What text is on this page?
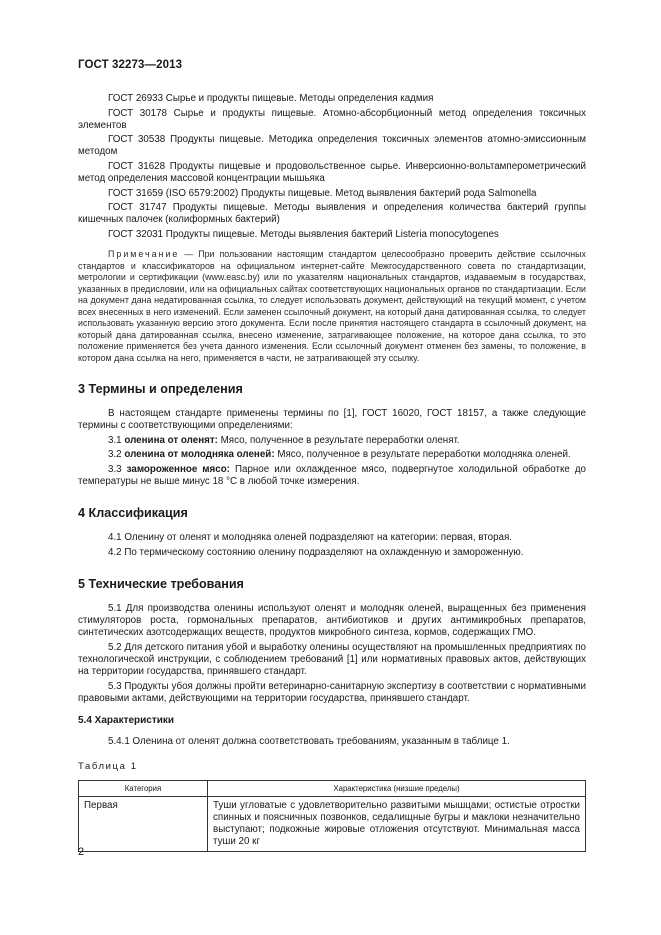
ГОСТ 32273—2013

ГОСТ 26933 Сырье и продукты пищевые. Методы определения кадмия

ГОСТ 30178 Сырье и продукты пищевые. Атомно-абсорбционный метод определения токсичных элементов

ГОСТ 30538 Продукты пищевые. Методика определения токсичных элементов атомно-эмиссионным методом

ГОСТ 31628 Продукты пищевые и продовольственное сырье. Инверсионно-вольтамперометрический метод определения массовой концентрации мышьяка

ГОСТ 31659 (ISO 6579:2002) Продукты пищевые. Метод выявления бактерий рода Salmonella

ГОСТ 31747 Продукты пищевые. Методы выявления и определения количества бактерий группы кишечных палочек (колиформных бактерий)

ГОСТ 32031 Продукты пищевые. Методы выявления бактерий Listeria monocytogenes

Примечание — При пользовании настоящим стандартом целесообразно проверить действие ссылочных стандартов и классификаторов на официальном интернет-сайте Межгосударственного совета по стандартизации, метрологии и сертификации (www.easc.by) или по указателям национальных стандартов, издаваемым в государствах, указанных в предисловии, или на официальных сайтах соответствующих национальных органов по стандартизации. Если на документ дана недатированная ссылка, то следует использовать документ, действующий на текущий момент, с учетом всех внесенных в него изменений. Если заменен ссылочный документ, на который дана датированная ссылка, то следует использовать указанную версию этого документа. Если после принятия настоящего стандарта в ссылочный документ, на который дана датированная ссылка, внесено изменение, затрагивающее положение, на которое дана ссылка, то это положение применяется без учета данного изменения. Если ссылочный документ отменен без замены, то положение, в котором дана ссылка на него, применяется в части, не затрагивающей эту ссылку.

3 Термины и определения

В настоящем стандарте применены термины по [1], ГОСТ 16020, ГОСТ 18157, а также следующие термины с соответствующими определениями:

3.1 оленина от оленят: Мясо, полученное в результате переработки оленят.

3.2 оленина от молодняка оленей: Мясо, полученное в результате переработки молодняка оленей.

3.3 замороженное мясо: Парное или охлажденное мясо, подвергнутое холодильной обработке до температуры не выше минус 18 °С в любой точке измерения.

4 Классификация

4.1 Оленину от оленят и молодняка оленей подразделяют на категории: первая, вторая.

4.2 По термическому состоянию оленину подразделяют на охлажденную и замороженную.

5 Технические требования

5.1 Для производства оленины используют оленят и молодняк оленей, выращенных без применения стимуляторов роста, гормональных препаратов, антибиотиков и других антимикробных препаратов, синтетических азотсодержащих веществ, продуктов микробного синтеза, кормов, содержащих ГМО.

5.2 Для детского питания убой и выработку оленины осуществляют на промышленных предприятиях по технологической инструкции, с соблюдением требований [1] или нормативных правовых актов, действующих на территории государства, принявшего стандарт.

5.3 Продукты убоя должны пройти ветеринарно-санитарную экспертизу в соответствии с нормативными правовыми актами, действующими на территории государства, принявшего стандарт.

5.4 Характеристики

5.4.1 Оленина от оленят должна соответствовать требованиям, указанным в таблице 1.

Таблица 1
Категория	Характеристика (низшие пределы)
Первая	Туши угловатые с удовлетворительно развитыми мышцами; остистые отростки спинных и поясничных позвонков, седалищные бугры и маклоки незначительно выступают; подкожные жировые отложения отсутствуют. Минимальная масса туши 20 кг
2
